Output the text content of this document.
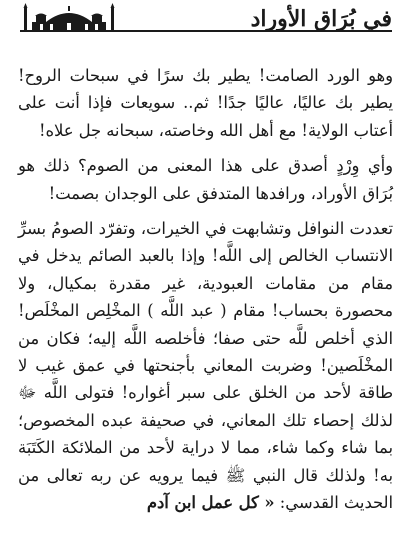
في بُرَاق الأوراد

وهو الورد الصامت! يطير بك سرًا في سبحات الروح! يطير بك عاليًا، عاليًا جدًا! ثم.. سويعات فإذا أنت على أعتاب الولاية! مع أهل الله وخاصته، سبحانه جل علاه!

وأي وِرْدٍ أصدق على هذا المعنى من الصوم؟ ذلك هو بُرَاق الأوراد، ورافدها المتدفق على الوجدان بصمت!

تعددت النوافل وتشابهت في الخيرات، وتفرّد الصومُ بسرِّ الانتساب الخالص إلى اللَّه! وإذا بالعبد الصائم يدخل في مقام من مقامات العبودية، غير مقدرة بمكيال، ولا محصورة بحساب! مقام ( عبد اللَّه ) المخْلِص المخْلَص! الذي أخلص للَّه حتى صفا؛ فأخلصه اللَّه إليه؛ فكان من المخْلَصين! وضربت المعاني بأجنحتها في عمق غيب لا طاقة لأحد من الخلق على سبر أغواره! فتولى اللَّه ﷻ لذلك إحصاء تلك المعاني، في صحيفة عبده المخصوص؛ بما شاء وكما شاء، مما لا دراية لأحد من الملائكة الكَتَبَة به! ولذلك قال النبي ﷺ فيما يرويه عن ربه تعالى من الحديث القدسي: « كل عمل ابن آدم
